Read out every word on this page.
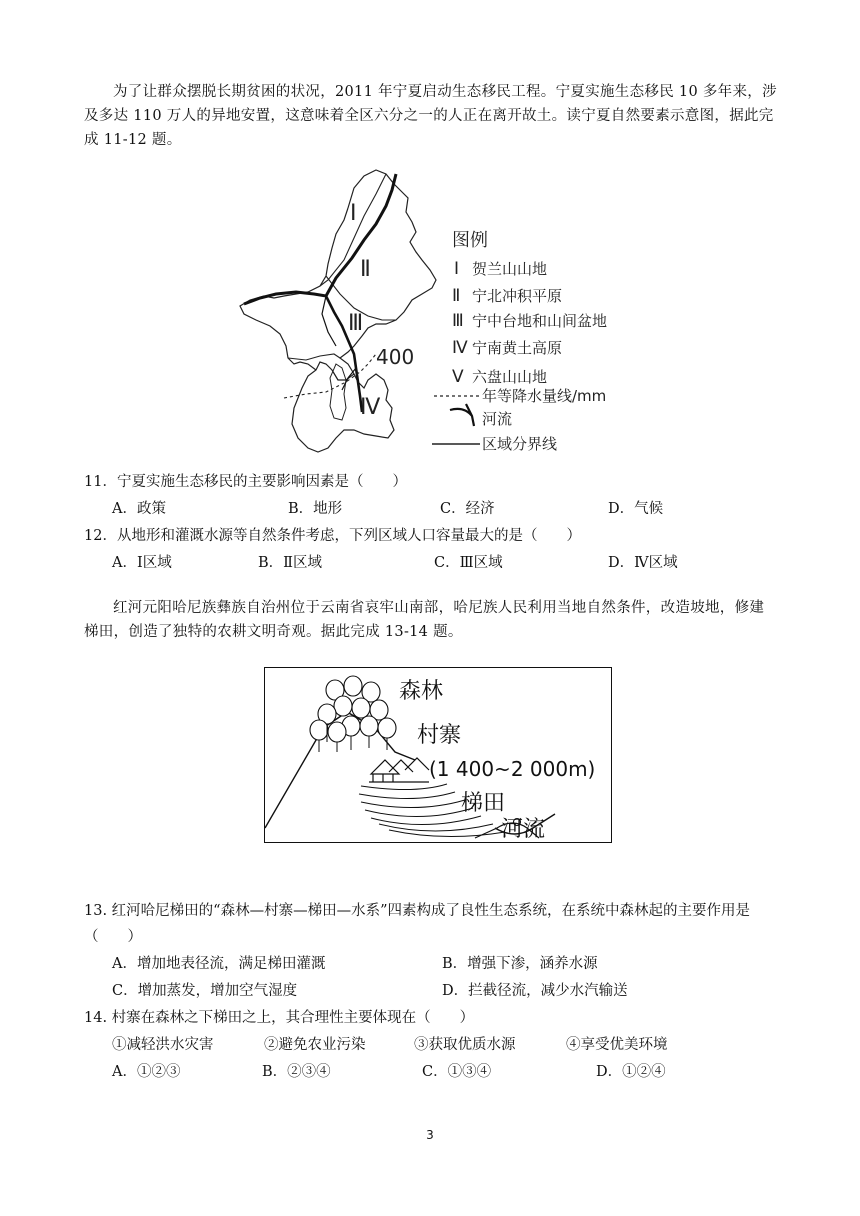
为了让群众摆脱长期贫困的状况，2011 年宁夏启动生态移民工程。宁夏实施生态移民 10 多年来，涉及多达 110 万人的异地安置，这意味着全区六分之一的人正在离开故土。读宁夏自然要素示意图，据此完成 11-12 题。
Ⅰ
Ⅱ
Ⅲ
Ⅳ
400
图例
Ⅰ 贺兰山山地
Ⅱ 宁北冲积平原
Ⅲ 宁中台地和山间盆地
Ⅳ 宁南黄土高原
Ⅴ 六盘山山地
年等降水量线/mm
河流
区域分界线
11．宁夏实施生态移民的主要影响因素是（　　）
A．政策	B．地形	C．经济	D．气候
12．从地形和灌溉水源等自然条件考虑，下列区域人口容量最大的是（　　）
A．Ⅰ区域	B．Ⅱ区域	C．Ⅲ区域	D．Ⅳ区域
红河元阳哈尼族彝族自治州位于云南省哀牢山南部，哈尼族人民利用当地自然条件，改造坡地，修建梯田，创造了独特的农耕文明奇观。据此完成 13-14 题。
森林
村寨
(1 400~2 000m)
梯田
河流
13. 红河哈尼梯田的“森林—村寨—梯田—水系”四素构成了良性生态系统，在系统中森林起的主要作用是（　　）
A．增加地表径流，满足梯田灌溉	B．增强下渗，涵养水源
C．增加蒸发，增加空气湿度	D．拦截径流，减少水汽输送
14. 村寨在森林之下梯田之上，其合理性主要体现在（　　）
①减轻洪水灾害	②避免农业污染	③获取优质水源	④享受优美环境
A．①②③	B．②③④	C．①③④	D．①②④
3
